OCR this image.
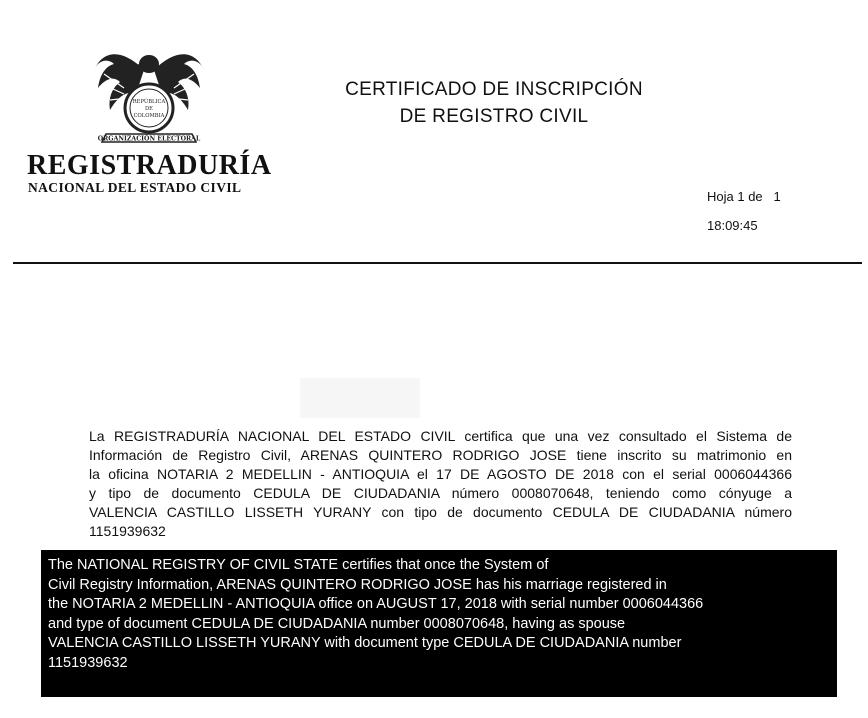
REPÚBLICA
DE
COLOMBIA
ORGANIZACIÓN ELECTORAL
REGISTRADURÍA
NACIONAL DEL ESTADO CIVIL
CERTIFICADO DE INSCRIPCIÓN
DE REGISTRO CIVIL
Hoja 1 de   1
18:09:45
La REGISTRADURÍA NACIONAL DEL ESTADO CIVIL certifica que una vez consultado el Sistema de
Información de Registro Civil, ARENAS QUINTERO RODRIGO JOSE tiene inscrito su matrimonio en
la oficina NOTARIA 2 MEDELLIN - ANTIOQUIA el 17 DE AGOSTO DE 2018 con el serial 0006044366
y tipo de documento CEDULA DE CIUDADANIA número 0008070648, teniendo como cónyuge a
VALENCIA CASTILLO LISSETH YURANY con tipo de documento CEDULA DE CIUDADANIA número
1151939632
The NATIONAL REGISTRY OF CIVIL STATE certifies that once the System of
Civil Registry Information, ARENAS QUINTERO RODRIGO JOSE has his marriage registered in
the NOTARIA 2 MEDELLIN - ANTIOQUIA office on AUGUST 17, 2018 with serial number 0006044366
and type of document CEDULA DE CIUDADANIA number 0008070648, having as spouse
VALENCIA CASTILLO LISSETH YURANY with document type CEDULA DE CIUDADANIA number
1151939632
